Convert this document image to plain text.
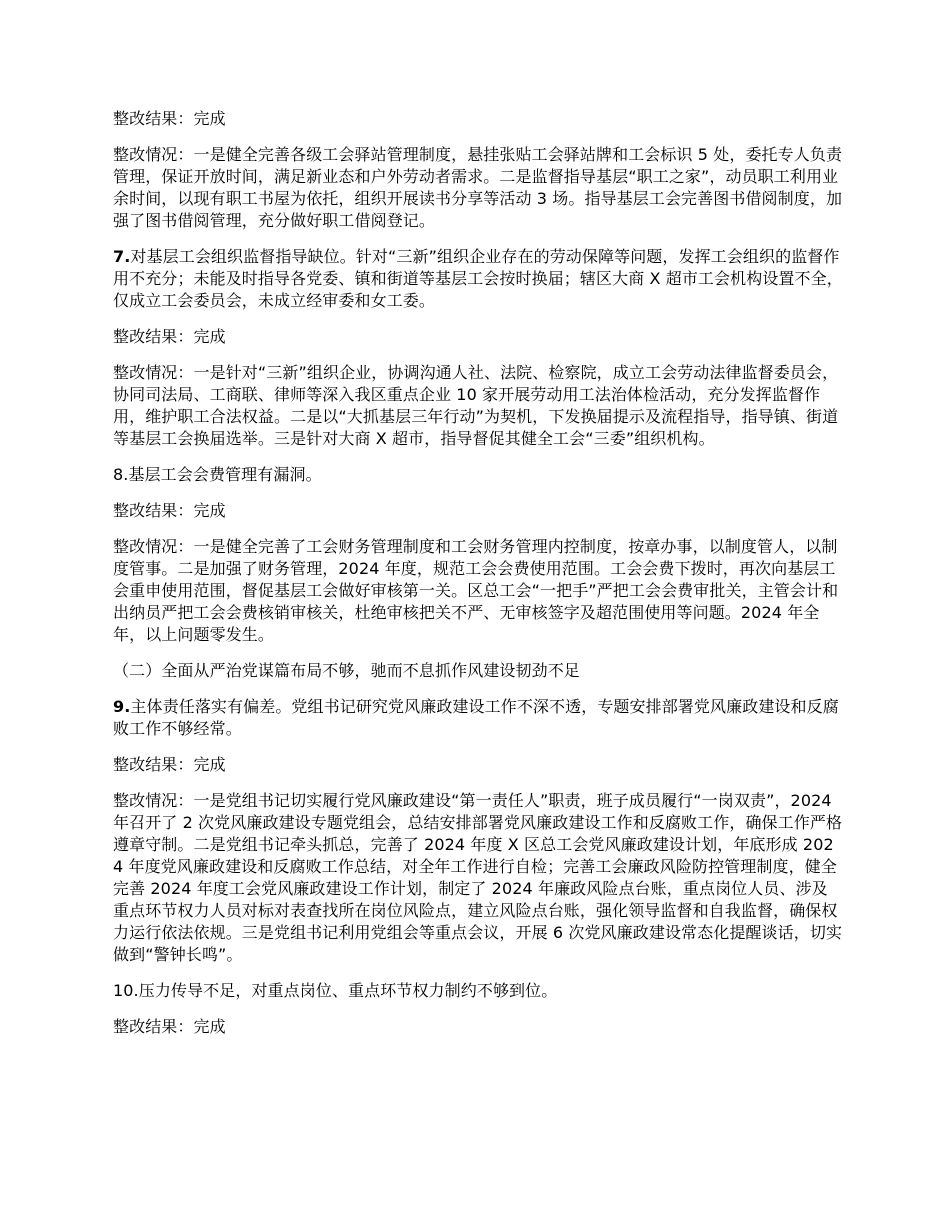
整改结果：完成

整改情况：一是健全完善各级工会驿站管理制度，悬挂张贴工会驿站牌和工会标识 5 处，委托专人负责管理，保证开放时间，满足新业态和户外劳动者需求。二是监督指导基层“职工之家”，动员职工利用业余时间，以现有职工书屋为依托，组织开展读书分享等活动 3 场。指导基层工会完善图书借阅制度，加强了图书借阅管理，充分做好职工借阅登记。

7.对基层工会组织监督指导缺位。针对“三新”组织企业存在的劳动保障等问题，发挥工会组织的监督作用不充分；未能及时指导各党委、镇和街道等基层工会按时换届；辖区大商 X 超市工会机构设置不全，仅成立工会委员会，未成立经审委和女工委。

整改结果：完成

整改情况：一是针对“三新”组织企业，协调沟通人社、法院、检察院，成立工会劳动法律监督委员会，协同司法局、工商联、律师等深入我区重点企业 10 家开展劳动用工法治体检活动，充分发挥监督作用，维护职工合法权益。二是以“大抓基层三年行动”为契机，下发换届提示及流程指导，指导镇、街道等基层工会换届选举。三是针对大商 X 超市，指导督促其健全工会“三委”组织机构。

8.基层工会会费管理有漏洞。

整改结果：完成

整改情况：一是健全完善了工会财务管理制度和工会财务管理内控制度，按章办事，以制度管人，以制度管事。二是加强了财务管理，2024 年度，规范工会会费使用范围。工会会费下拨时，再次向基层工会重申使用范围，督促基层工会做好审核第一关。区总工会“一把手”严把工会会费审批关，主管会计和出纳员严把工会会费核销审核关，杜绝审核把关不严、无审核签字及超范围使用等问题。2024 年全年，以上问题零发生。

（二）全面从严治党谋篇布局不够，驰而不息抓作风建设韧劲不足

9.主体责任落实有偏差。党组书记研究党风廉政建设工作不深不透，专题安排部署党风廉政建设和反腐败工作不够经常。

整改结果：完成

整改情况：一是党组书记切实履行党风廉政建设“第一责任人”职责，班子成员履行“一岗双责”，2024 年召开了 2 次党风廉政建设专题党组会，总结安排部署党风廉政建设工作和反腐败工作，确保工作严格遵章守制。二是党组书记牵头抓总，完善了 2024 年度 X 区总工会党风廉政建设计划，年底形成 2024 年度党风廉政建设和反腐败工作总结，对全年工作进行自检；完善工会廉政风险防控管理制度，健全完善 2024 年度工会党风廉政建设工作计划，制定了 2024 年廉政风险点台账，重点岗位人员、涉及重点环节权力人员对标对表查找所在岗位风险点，建立风险点台账，强化领导监督和自我监督，确保权力运行依法依规。三是党组书记利用党组会等重点会议，开展 6 次党风廉政建设常态化提醒谈话，切实做到“警钟长鸣”。

10.压力传导不足，对重点岗位、重点环节权力制约不够到位。

整改结果：完成
